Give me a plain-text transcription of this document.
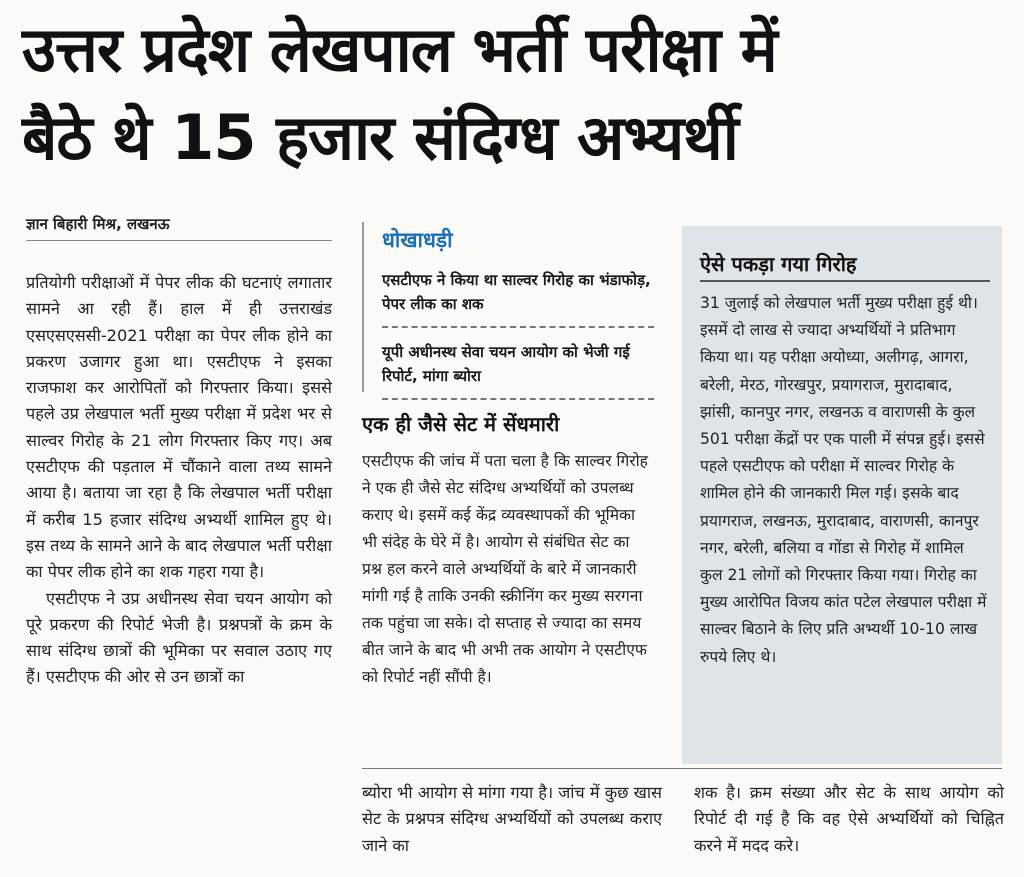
उत्तर प्रदेश लेखपाल भर्ती परीक्षा में
बैठे थे 15 हजार संदिग्ध अभ्यर्थी
ज्ञान बिहारी मिश्र, लखनऊ

प्रतियोगी परीक्षाओं में पेपर लीक की घटनाएं लगातार सामने आ रही हैं। हाल में ही उत्तराखंड एसएसएससी-2021 परीक्षा का पेपर लीक होने का प्रकरण उजागर हुआ था। एसटीएफ ने इसका राजफाश कर आरोपितों को गिरफ्तार किया। इससे पहले उप्र लेखपाल भर्ती मुख्य परीक्षा में प्रदेश भर से साल्वर गिरोह के 21 लोग गिरफ्तार किए गए। अब एसटीएफ की पड़ताल में चौंकाने वाला तथ्य सामने आया है। बताया जा रहा है कि लेखपाल भर्ती परीक्षा में करीब 15 हजार संदिग्ध अभ्यर्थी शामिल हुए थे। इस तथ्य के सामने आने के बाद लेखपाल भर्ती परीक्षा का पेपर लीक होने का शक गहरा गया है।

एसटीएफ ने उप्र अधीनस्थ सेवा चयन आयोग को पूरे प्रकरण की रिपोर्ट भेजी है। प्रश्नपत्रों के क्रम के साथ संदिग्ध छात्रों की भूमिका पर सवाल उठाए गए हैं। एसटीएफ की ओर से उन छात्रों का

धोखाधड़ी
एसटीएफ ने किया था साल्वर गिरोह का भंडाफोड़, पेपर लीक का शक
यूपी अधीनस्थ सेवा चयन आयोग को भेजी गई रिपोर्ट, मांगा ब्योरा
एक ही जैसे सेट में सेंधमारी
एसटीएफ की जांच में पता चला है कि साल्वर गिरोह ने एक ही जैसे सेट संदिग्ध अभ्यर्थियों को उपलब्ध कराए थे। इसमें कई केंद्र व्यवस्थापकों की भूमिका भी संदेह के घेरे में है। आयोग से संबंधित सेट का प्रश्न हल करने वाले अभ्यर्थियों के बारे में जानकारी मांगी गई है ताकि उनकी स्क्रीनिंग कर मुख्य सरगना तक पहुंचा जा सके। दो सप्ताह से ज्यादा का समय बीत जाने के बाद भी अभी तक आयोग ने एसटीएफ को रिपोर्ट नहीं सौंपी है।
ऐसे पकड़ा गया गिरोह
31 जुलाई को लेखपाल भर्ती मुख्य परीक्षा हुई थी। इसमें दो लाख से ज्यादा अभ्यर्थियों ने प्रतिभाग किया था। यह परीक्षा अयोध्या, अलीगढ़, आगरा, बरेली, मेरठ, गोरखपुर, प्रयागराज, मुरादाबाद, झांसी, कानपुर नगर, लखनऊ व वाराणसी के कुल 501 परीक्षा केंद्रों पर एक पाली में संपन्न हुई। इससे पहले एसटीएफ को परीक्षा में साल्वर गिरोह के शामिल होने की जानकारी मिल गई। इसके बाद प्रयागराज, लखनऊ, मुरादाबाद, वाराणसी, कानपुर नगर, बरेली, बलिया व गोंडा से गिरोह में शामिल कुल 21 लोगों को गिरफ्तार किया गया। गिरोह का मुख्य आरोपित विजय कांत पटेल लेखपाल परीक्षा में साल्वर बिठाने के लिए प्रति अभ्यर्थी 10-10 लाख रुपये लिए थे।
ब्योरा भी आयोग से मांगा गया है। जांच में कुछ खास सेट के प्रश्नपत्र संदिग्ध अभ्यर्थियों को उपलब्ध कराए जाने का
शक है। क्रम संख्या और सेट के साथ आयोग को रिपोर्ट दी गई है कि वह ऐसे अभ्यर्थियों को चिह्नित करने में मदद करे।
